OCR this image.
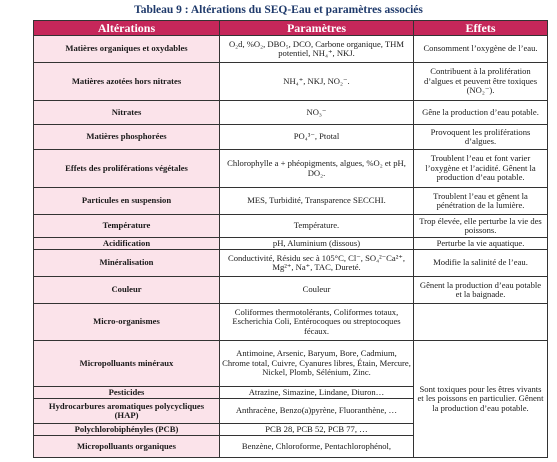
Tableau 9 : Altérations du SEQ-Eau et paramètres associés
Altérations	Paramètres	Effets
Matières organiques et oxydables	O₂d, %O₂, DBO₅, DCO, Carbone organique, THM potentiel, NH₄⁺, NKJ.	Consomment l’oxygène de l’eau.
Matières azotées hors nitrates	NH₄⁺, NKJ, NO₂⁻.	Contribuent à la prolifération d’algues et peuvent être toxiques (NO₂⁻).
Nitrates	NO₃⁻	Gêne la production d’eau potable.
Matières phosphorées	PO₄³⁻, Ptotal	Provoquent les proliférations d’algues.
Effets des proliférations végétales	Chlorophylle a + phéopigments, algues, %O₂ et pH, DO₂.	Troublent l’eau et font varier l’oxygène et l’acidité. Gênent la production d’eau potable.
Particules en suspension	MES, Turbidité, Transparence SECCHI.	Troublent l’eau et gênent la pénétration de la lumière.
Température	Température.	Trop élevée, elle perturbe la vie des poissons.
Acidification	pH, Aluminium (dissous)	Perturbe la vie aquatique.
Minéralisation	Conductivité, Résidu sec à 105°C, Cl⁻, SO₄²⁻Ca²⁺, Mg²⁺, Na⁺, TAC, Dureté.	Modifie la salinité de l’eau.
Couleur	Couleur	Gênent la production d’eau potable et la baignade.
Micro-organismes	Coliformes thermotolérants, Coliformes totaux, Escherichia Coli, Entérocoques ou streptocoques fécaux.	
Micropolluants minéraux	Antimoine, Arsenic, Baryum, Bore, Cadmium, Chrome total, Cuivre, Cyanures libres, Étain, Mercure, Nickel, Plomb, Sélénium, Zinc.	Sont toxiques pour les êtres vivants et les poissons en particulier. Gênent la production d’eau potable.
Pesticides	Atrazine, Simazine, Lindane, Diuron…	
Hydrocarbures aromatiques polycycliques (HAP)	Anthracène, Benzo(a)pyrène, Fluoranthène, …	
Polychlorobiphényles (PCB)	PCB 28, PCB 52, PCB 77, …	
Micropolluants organiques	Benzène, Chloroforme, Pentachlorophénol,	
